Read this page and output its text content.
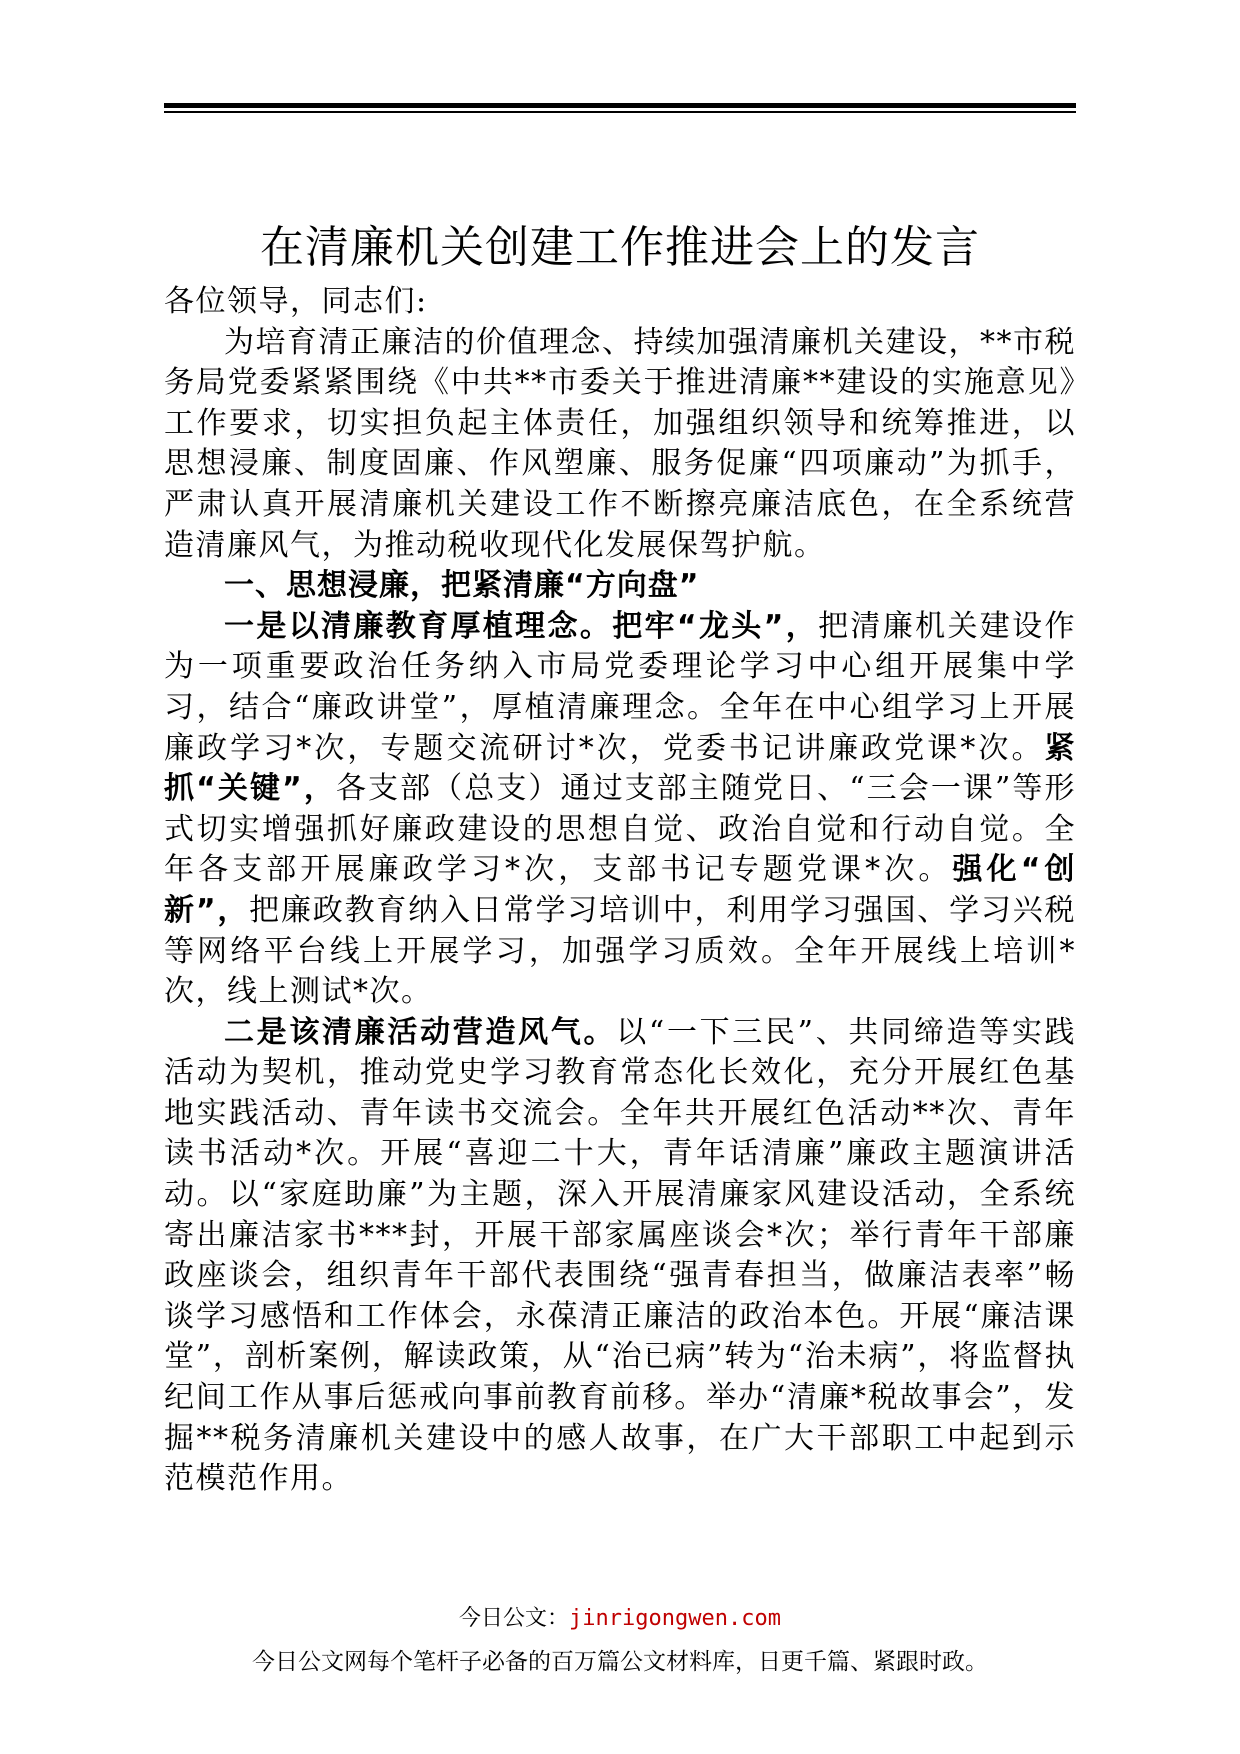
在清廉机关创建工作推进会上的发言

各位领导，同志们:

为培育清正廉洁的价值理念、持续加强清廉机关建设，**市税务局党委紧紧围绕《中共**市委关于推进清廉**建设的实施意见》工作要求，切实担负起主体责任，加强组织领导和统筹推进，以思想浸廉、制度固廉、作风塑廉、服务促廉“四项廉动”为抓手，严肃认真开展清廉机关建设工作不断擦亮廉洁底色，在全系统营造清廉风气，为推动税收现代化发展保驾护航。

一、思想浸廉，把紧清廉“方向盘”

一是以清廉教育厚植理念。把牢“龙头”，把清廉机关建设作为一项重要政治任务纳入市局党委理论学习中心组开展集中学习，结合“廉政讲堂”，厚植清廉理念。全年在中心组学习上开展廉政学习*次，专题交流研讨*次，党委书记讲廉政党课*次。紧抓“关键”，各支部（总支）通过支部主随党日、“三会一课”等形式切实增强抓好廉政建设的思想自觉、政治自觉和行动自觉。全年各支部开展廉政学习*次，支部书记专题党课*次。强化“创新”，把廉政教育纳入日常学习培训中，利用学习强国、学习兴税等网络平台线上开展学习，加强学习质效。全年开展线上培训*次，线上测试*次。

二是该清廉活动营造风气。以“一下三民”、共同缔造等实践活动为契机，推动党史学习教育常态化长效化，充分开展红色基地实践活动、青年读书交流会。全年共开展红色活动**次、青年读书活动*次。开展“喜迎二十大，青年话清廉”廉政主题演讲活动。以“家庭助廉”为主题，深入开展清廉家风建设活动，全系统寄出廉洁家书***封，开展干部家属座谈会*次；举行青年干部廉政座谈会，组织青年干部代表围绕“强青春担当，做廉洁表率”畅谈学习感悟和工作体会，永葆清正廉洁的政治本色。开展“廉洁课堂”，剖析案例，解读政策，从“治已病”转为“治未病”，将监督执纪间工作从事后惩戒向事前教育前移。举办“清廉*税故事会”，发掘**税务清廉机关建设中的感人故事，在广大干部职工中起到示范模范作用。

今日公文：jinrigongwen.com
今日公文网每个笔杆子必备的百万篇公文材料库，日更千篇、紧跟时政。
